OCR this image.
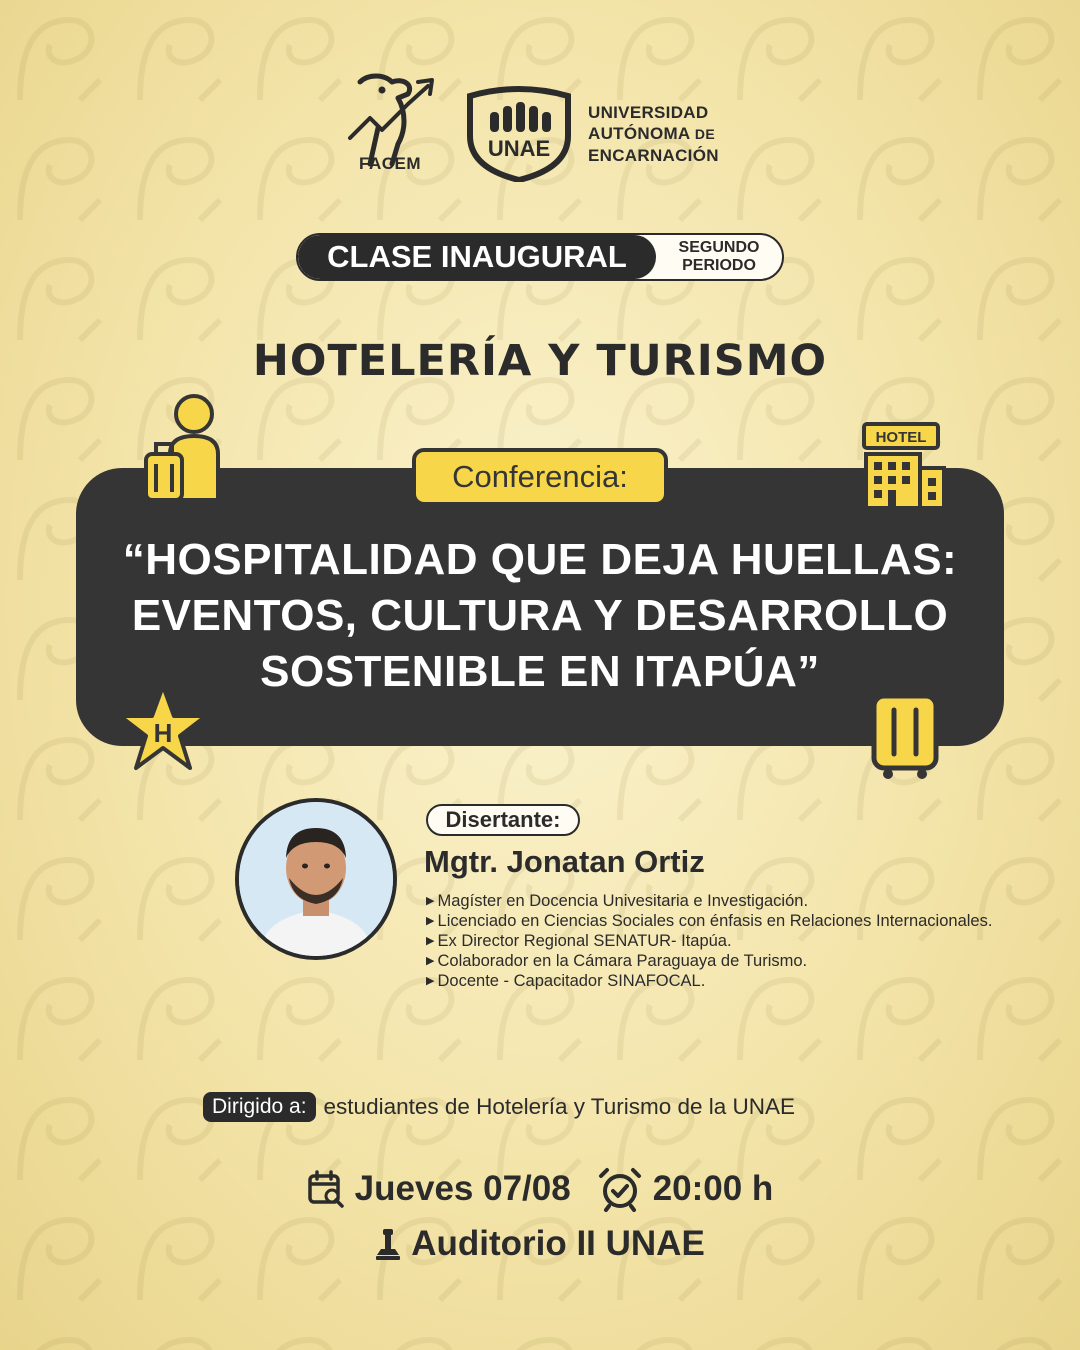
FACEM
UNAE
UNIVERSIDAD
AUTÓNOMA DE
ENCARNACIÓN
CLASE INAUGURAL	SEGUNDO
PERIODO
HOTELERÍA Y TURISMO
Conferencia:
“HOSPITALIDAD QUE DEJA HUELLAS:
EVENTOS, CULTURA Y DESARROLLO
SOSTENIBLE EN ITAPÚA”
HOTEL
H
Disertante:
Mgtr. Jonatan Ortiz
▶ Magíster en Docencia Univesitaria e Investigación.
▶ Licenciado en Ciencias Sociales con énfasis en Relaciones Internacionales.
▶ Ex Director Regional SENATUR- Itapúa.
▶ Colaborador en la Cámara Paraguaya de Turismo.
▶ Docente - Capacitador SINAFOCAL.
Dirigido a: estudiantes de Hotelería y Turismo de la UNAE
Jueves 07/08 20:00 h
Auditorio II UNAE
